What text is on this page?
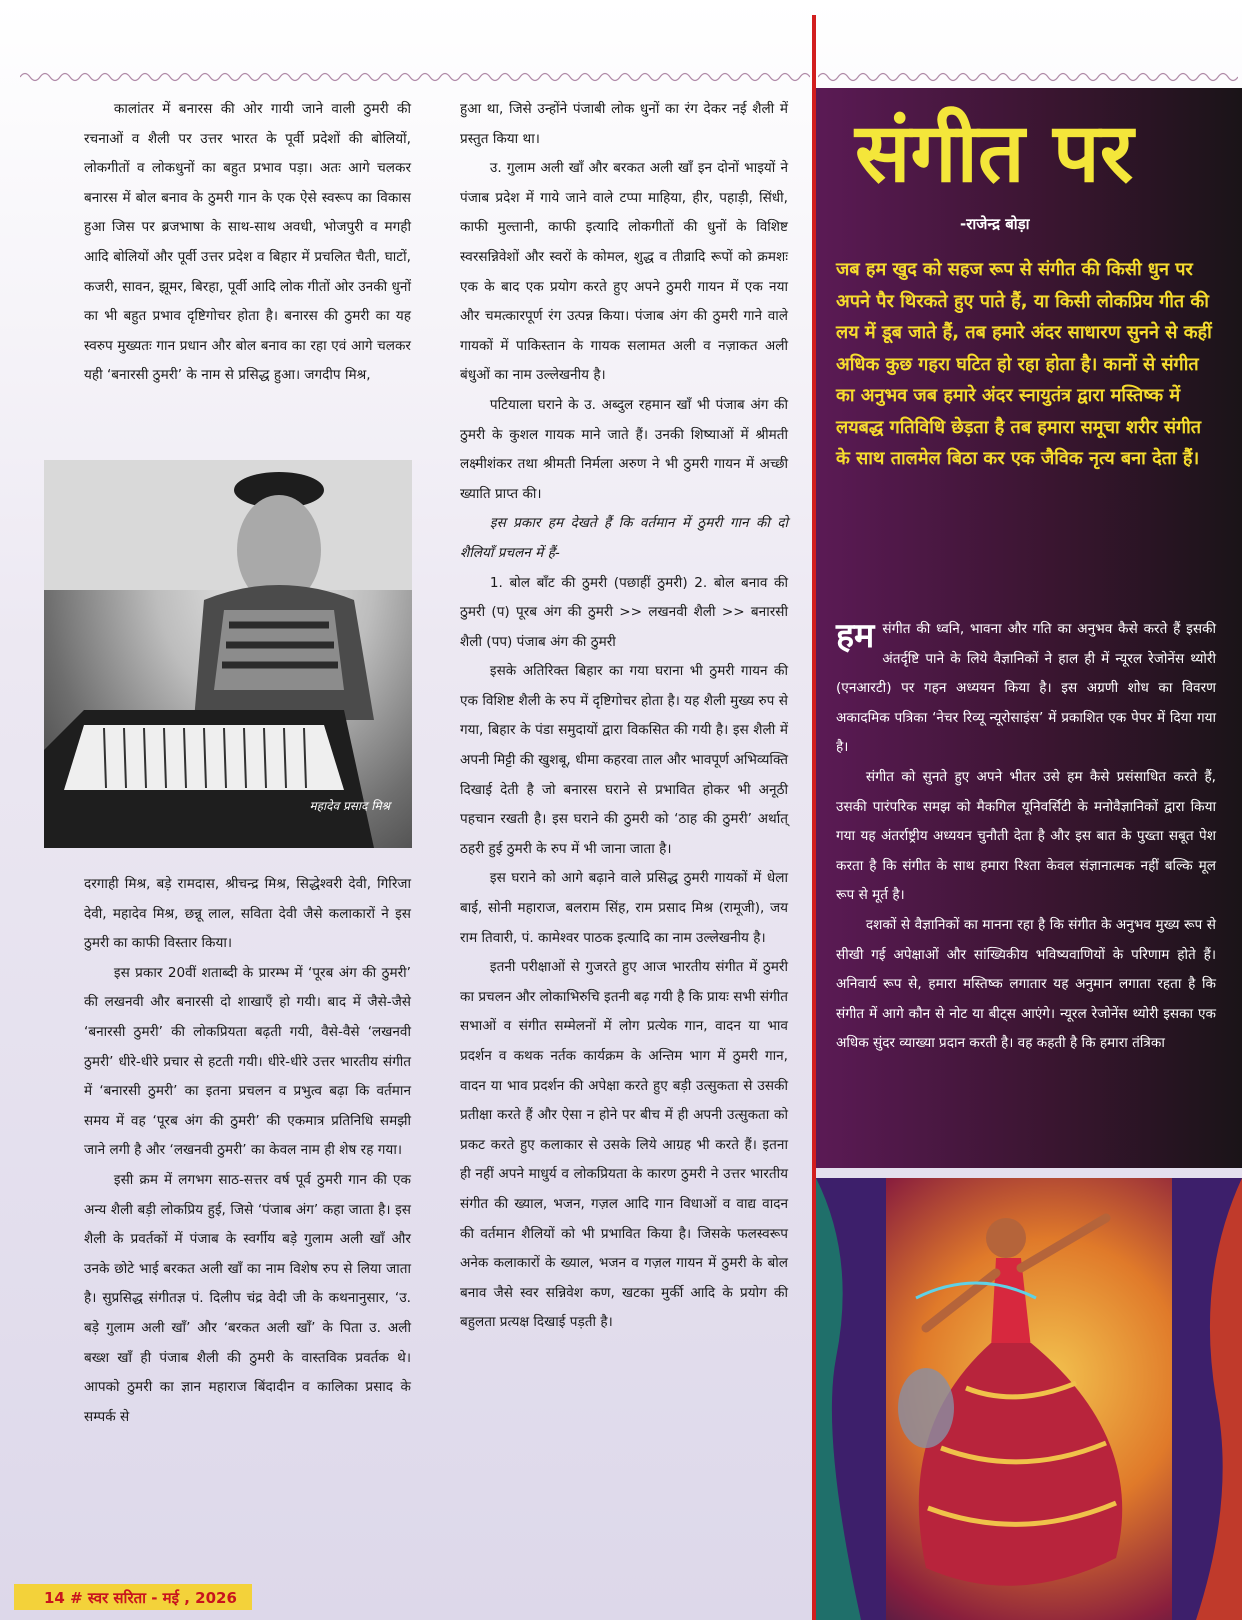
कालांतर में बनारस की ओर गायी जाने वाली ठुमरी की रचनाओं व शैली पर उत्तर भारत के पूर्वी प्रदेशों की बोलियों, लोकगीतों व लोकधुनों का बहुत प्रभाव पड़ा। अतः आगे चलकर बनारस में बोल बनाव के ठुमरी गान के एक ऐसे स्वरूप का विकास हुआ जिस पर ब्रजभाषा के साथ-साथ अवधी, भोजपुरी व मगही आदि बोलियों और पूर्वी उत्तर प्रदेश व बिहार में प्रचलित चैती, घाटों, कजरी, सावन, झूमर, बिरहा, पूर्वी आदि लोक गीतों ओर उनकी धुनों का भी बहुत प्रभाव दृष्टिगोचर होता है। बनारस की ठुमरी का यह स्वरुप मुख्यतः गान प्रधान और बोल बनाव का रहा एवं आगे चलकर यही ‘बनारसी ठुमरी’ के नाम से प्रसिद्ध हुआ। जगदीप मिश्र,

महादेव प्रसाद मिश्र

दरगाही मिश्र, बड़े रामदास, श्रीचन्द्र मिश्र, सिद्धेश्वरी देवी, गिरिजा देवी, महादेव मिश्र, छन्नू लाल, सविता देवी जैसे कलाकारों ने इस ठुमरी का काफी विस्तार किया।

इस प्रकार 20वीं शताब्दी के प्रारम्भ में ‘पूरब अंग की ठुमरी’ की लखनवी और बनारसी दो शाखाएँ हो गयी। बाद में जैसे-जैसे ‘बनारसी ठुमरी’ की लोकप्रियता बढ़ती गयी, वैसे-वैसे ‘लखनवी ठुमरी’ धीरे-धीरे प्रचार से हटती गयी। धीरे-धीरे उत्तर भारतीय संगीत में ‘बनारसी ठुमरी’ का इतना प्रचलन व प्रभुत्व बढ़ा कि वर्तमान समय में वह ‘पूरब अंग की ठुमरी’ की एकमात्र प्रतिनिधि समझी जाने लगी है और ‘लखनवी ठुमरी’ का केवल नाम ही शेष रह गया।

इसी क्रम में लगभग साठ-सत्तर वर्ष पूर्व ठुमरी गान की एक अन्य शैली बड़ी लोकप्रिय हुई, जिसे ‘पंजाब अंग’ कहा जाता है। इस शैली के प्रवर्तकों में पंजाब के स्वर्गीय बड़े गुलाम अली खाँ और उनके छोटे भाई बरकत अली खाँ का नाम विशेष रुप से लिया जाता है। सुप्रसिद्ध संगीतज्ञ पं. दिलीप चंद्र वेदी जी के कथनानुसार, ‘उ. बड़े गुलाम अली खाँ’ और ‘बरकत अली खाँ’ के पिता उ. अली बख्श खाँ ही पंजाब शैली की ठुमरी के वास्तविक प्रवर्तक थे। आपको ठुमरी का ज्ञान महाराज बिंदादीन व कालिका प्रसाद के सम्पर्क से

हुआ था, जिसे उन्होंने पंजाबी लोक धुनों का रंग देकर नई शैली में प्रस्तुत किया था।

उ. गुलाम अली खाँ और बरकत अली खाँ इन दोनों भाइयों ने पंजाब प्रदेश में गाये जाने वाले टप्पा माहिया, हीर, पहाड़ी, सिंधी, काफी मुल्तानी, काफी इत्यादि लोकगीतों की धुनों के विशिष्ट स्वरसन्निवेशों और स्वरों के कोमल, शुद्ध व तीव्रादि रूपों को क्रमशः एक के बाद एक प्रयोग करते हुए अपने ठुमरी गायन में एक नया और चमत्कारपूर्ण रंग उत्पन्न किया। पंजाब अंग की ठुमरी गाने वाले गायकों में पाकिस्तान के गायक सलामत अली व नज़ाकत अली बंधुओं का नाम उल्लेखनीय है।

पटियाला घराने के उ. अब्दुल रहमान खाँ भी पंजाब अंग की ठुमरी के कुशल गायक माने जाते हैं। उनकी शिष्याओं में श्रीमती लक्ष्मीशंकर तथा श्रीमती निर्मला अरुण ने भी ठुमरी गायन में अच्छी ख्याति प्राप्त की।

इस प्रकार हम देखते हैं कि वर्तमान में ठुमरी गान की दो शैलियाँ प्रचलन में हैं-

1. बोल बाँट की ठुमरी (पछाहीं ठुमरी) 2. बोल बनाव की ठुमरी (प) पूरब अंग की ठुमरी >> लखनवी शैली >> बनारसी शैली (पप) पंजाब अंग की ठुमरी

इसके अतिरिक्त बिहार का गया घराना भी ठुमरी गायन की एक विशिष्ट शैली के रुप में दृष्टिगोचर होता है। यह शैली मुख्य रुप से गया, बिहार के पंडा समुदायों द्वारा विकसित की गयी है। इस शैली में अपनी मिट्टी की खुशबू, धीमा कहरवा ताल और भावपूर्ण अभिव्यक्ति दिखाई देती है जो बनारस घराने से प्रभावित होकर भी अनूठी पहचान रखती है। इस घराने की ठुमरी को ‘ठाह की ठुमरी’ अर्थात् ठहरी हुई ठुमरी के रुप में भी जाना जाता है।

इस घराने को आगे बढ़ाने वाले प्रसिद्ध ठुमरी गायकों में धेला बाई, सोनी महाराज, बलराम सिंह, राम प्रसाद मिश्र (रामूजी), जय राम तिवारी, पं. कामेश्वर पाठक इत्यादि का नाम उल्लेखनीय है।

इतनी परीक्षाओं से गुजरते हुए आज भारतीय संगीत में ठुमरी का प्रचलन और लोकाभिरुचि इतनी बढ़ गयी है कि प्रायः सभी संगीत सभाओं व संगीत सम्मेलनों में लोग प्रत्येक गान, वादन या भाव प्रदर्शन व कथक नर्तक कार्यक्रम के अन्तिम भाग में ठुमरी गान, वादन या भाव प्रदर्शन की अपेक्षा करते हुए बड़ी उत्सुकता से उसकी प्रतीक्षा करते हैं और ऐसा न होने पर बीच में ही अपनी उत्सुकता को प्रकट करते हुए कलाकार से उसके लिये आग्रह भी करते हैं। इतना ही नहीं अपने माधुर्य व लोकप्रियता के कारण ठुमरी ने उत्तर भारतीय संगीत की ख्याल, भजन, गज़ल आदि गान विधाओं व वाद्य वादन की वर्तमान शैलियों को भी प्रभावित किया है। जिसके फलस्वरूप अनेक कलाकारों के ख्याल, भजन व गज़ल गायन में ठुमरी के बोल बनाव जैसे स्वर सन्निवेश कण, खटका मुर्की आदि के प्रयोग की बहुलता प्रत्यक्ष दिखाई पड़ती है।

संगीत पर
-राजेन्द्र बोड़ा
जब हम खुद को सहज रूप से संगीत की किसी धुन पर अपने पैर थिरकते हुए पाते हैं, या किसी लोकप्रिय गीत की लय में डूब जाते हैं, तब हमारे अंदर साधारण सुनने से कहीं अधिक कुछ गहरा घटित हो रहा होता है। कानों से संगीत का अनुभव जब हमारे अंदर स्नायुतंत्र द्वारा मस्तिष्क में लयबद्ध गतिविधि छेड़ता है तब हमारा समूचा शरीर संगीत के साथ तालमेल बिठा कर एक जैविक नृत्य बना देता हैं।

हम संगीत की ध्वनि, भावना और गति का अनुभव कैसे करते हैं इसकी अंतर्दृष्टि पाने के लिये वैज्ञानिकों ने हाल ही में न्यूरल रेजोनेंस थ्योरी (एनआरटी) पर गहन अध्ययन किया है। इस अग्रणी शोध का विवरण अकादमिक पत्रिका ‘नेचर रिव्यू न्यूरोसाइंस’ में प्रकाशित एक पेपर में दिया गया है।

संगीत को सुनते हुए अपने भीतर उसे हम कैसे प्रसंसाधित करते हैं, उसकी पारंपरिक समझ को मैकगिल यूनिवर्सिटी के मनोवैज्ञानिकों द्वारा किया गया यह अंतर्राष्ट्रीय अध्ययन चुनौती देता है और इस बात के पुख्ता सबूत पेश करता है कि संगीत के साथ हमारा रिश्ता केवल संज्ञानात्मक नहीं बल्कि मूल रूप से मूर्त है।

दशकों से वैज्ञानिकों का मानना रहा है कि संगीत के अनुभव मुख्य रूप से सीखी गई अपेक्षाओं और सांख्यिकीय भविष्यवाणियों के परिणाम होते हैं। अनिवार्य रूप से, हमारा मस्तिष्क लगातार यह अनुमान लगाता रहता है कि संगीत में आगे कौन से नोट या बीट्स आएंगे। न्यूरल रेजोनेंस थ्योरी इसका एक अधिक सुंदर व्याख्या प्रदान करती है। वह कहती है कि हमारा तंत्रिका

14 # स्वर सरिता - मई , 2026
